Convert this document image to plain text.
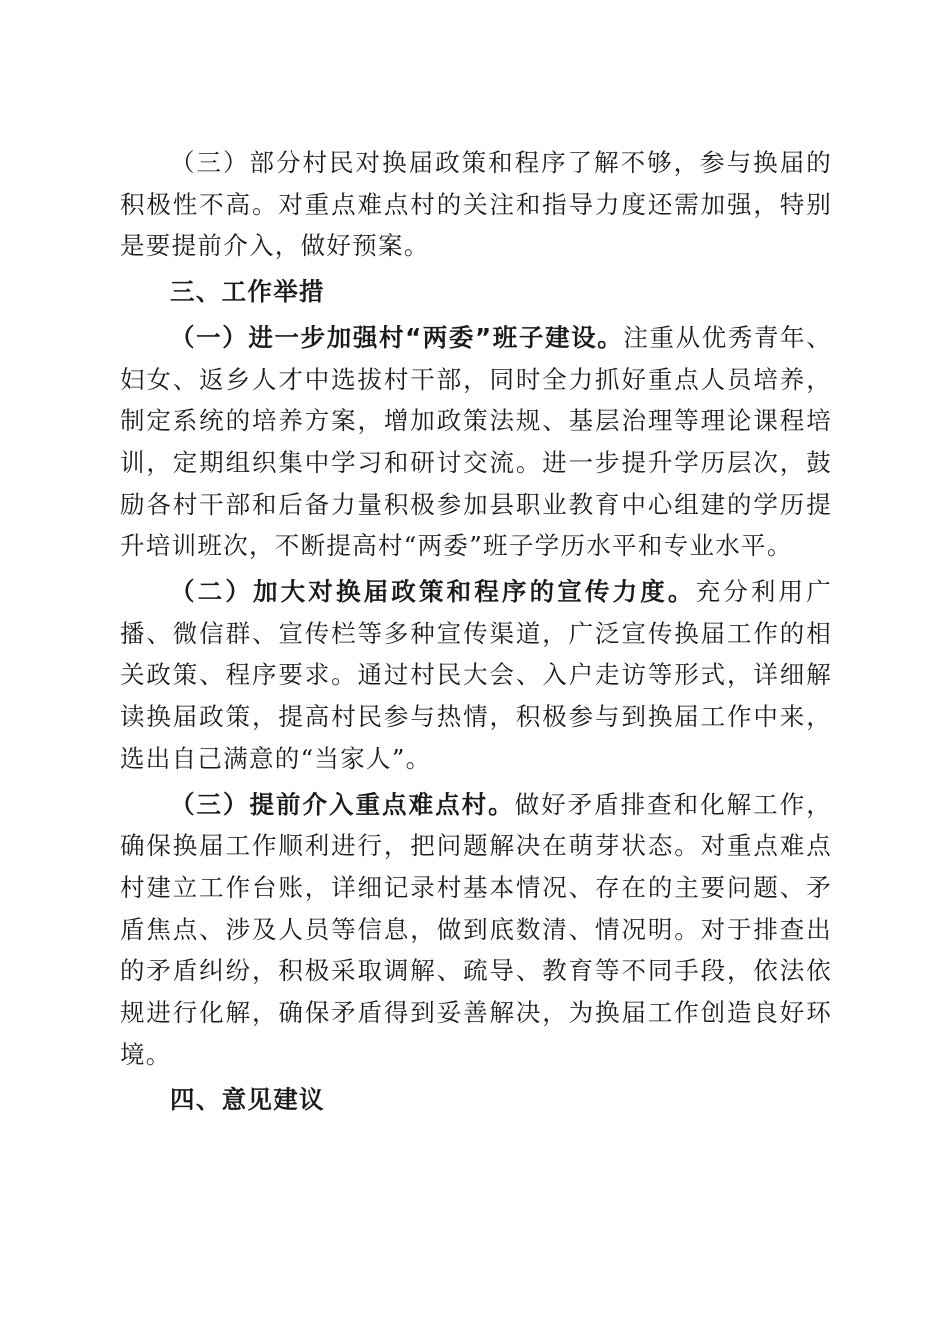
（三）部分村民对换届政策和程序了解不够，参与换届的积极性不高。对重点难点村的关注和指导力度还需加强，特别是要提前介入，做好预案。

三、工作举措

（一）进一步加强村“两委”班子建设。注重从优秀青年、妇女、返乡人才中选拔村干部，同时全力抓好重点人员培养，制定系统的培养方案，增加政策法规、基层治理等理论课程培训，定期组织集中学习和研讨交流。进一步提升学历层次，鼓励各村干部和后备力量积极参加县职业教育中心组建的学历提升培训班次，不断提高村“两委”班子学历水平和专业水平。

（二）加大对换届政策和程序的宣传力度。充分利用广播、微信群、宣传栏等多种宣传渠道，广泛宣传换届工作的相关政策、程序要求。通过村民大会、入户走访等形式，详细解读换届政策，提高村民参与热情，积极参与到换届工作中来，选出自己满意的“当家人”。

（三）提前介入重点难点村。做好矛盾排查和化解工作，确保换届工作顺利进行，把问题解决在萌芽状态。对重点难点村建立工作台账，详细记录村基本情况、存在的主要问题、矛盾焦点、涉及人员等信息，做到底数清、情况明。对于排查出的矛盾纠纷，积极采取调解、疏导、教育等不同手段，依法依规进行化解，确保矛盾得到妥善解决，为换届工作创造良好环境。

四、意见建议
